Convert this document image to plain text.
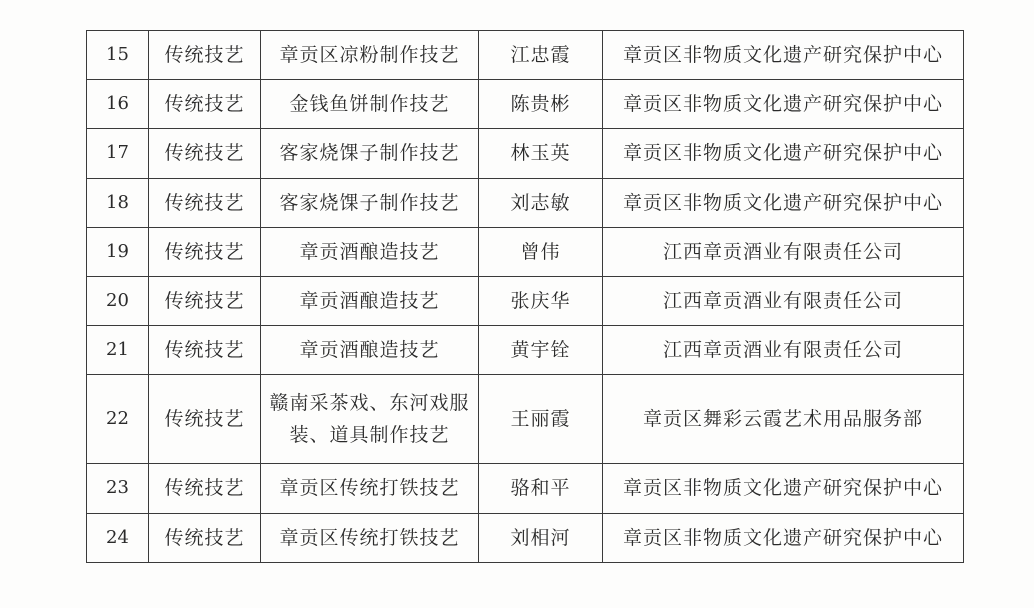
15	传统技艺	章贡区凉粉制作技艺	江忠霞	章贡区非物质文化遗产研究保护中心
16	传统技艺	金钱鱼饼制作技艺	陈贵彬	章贡区非物质文化遗产研究保护中心
17	传统技艺	客家烧馃子制作技艺	林玉英	章贡区非物质文化遗产研究保护中心
18	传统技艺	客家烧馃子制作技艺	刘志敏	章贡区非物质文化遗产研究保护中心
19	传统技艺	章贡酒酿造技艺	曾伟	江西章贡酒业有限责任公司
20	传统技艺	章贡酒酿造技艺	张庆华	江西章贡酒业有限责任公司
21	传统技艺	章贡酒酿造技艺	黄宇铨	江西章贡酒业有限责任公司
22	传统技艺	赣南采茶戏、东河戏服
装、道具制作技艺	王丽霞	章贡区舞彩云霞艺术用品服务部
23	传统技艺	章贡区传统打铁技艺	骆和平	章贡区非物质文化遗产研究保护中心
24	传统技艺	章贡区传统打铁技艺	刘相河	章贡区非物质文化遗产研究保护中心
